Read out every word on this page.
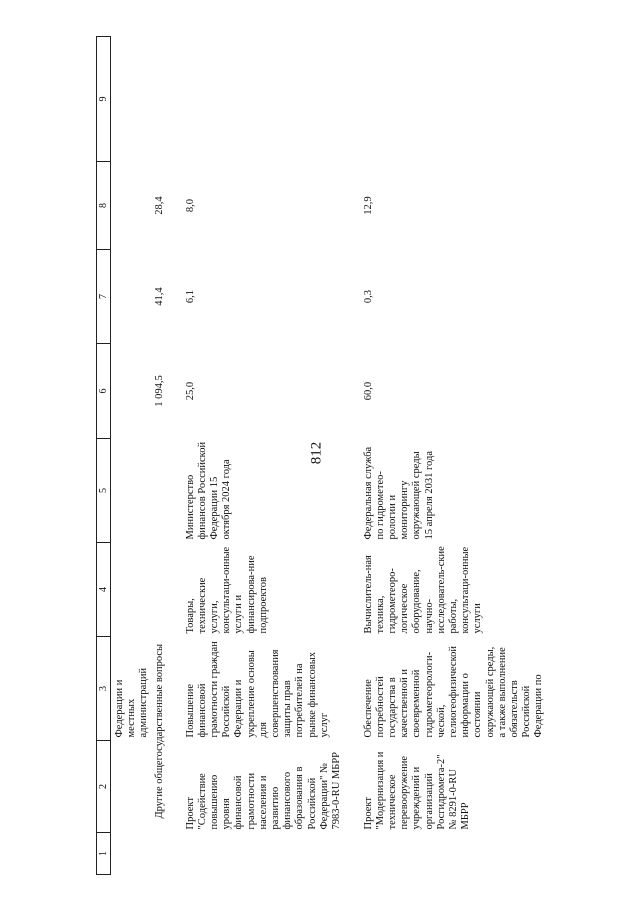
812
1	2	3	4	5	6	7	8	9
		Федерации и местных администраций						
	Другие общегосударственные вопросы				1 094,5	41,4	28,4	
	Проект "Содействие повышению уровня финансовой грамотности населения и развитию финансового образования в Российской Федерации" № 7983-0-RU МБРР	Повышение финансовой грамотности граждан Российской Федерации и укрепление основы для совершенствования защиты прав потребителей на рынке финансовых услуг	Товары, технические услуги, консультаци-онные услуги и финансирова-ние подпроектов	Министерство финансов Российской Федерации 15 октября 2024 года	25,0	6,1	8,0	
	Проект "Модернизация и техническое перевооружение учреждений и организаций Росгидромета-2" № 8291-0-RU МБРР	Обеспечение потребностей государства в качественной и своевременной гидрометеорологи-ческой, гелиогеофизической информации о состоянии окружающей среды, а также выполнение обязательств Российской Федерации по	Вычислитель-ная техника, гидрометеоро-логическое оборудование, научно-исследователь-ские работы, консультаци-онные услуги	Федеральная служба по гидрометео-рологии и мониторингу окружающей среды 15 апреля 2031 года	60,0	0,3	12,9	
